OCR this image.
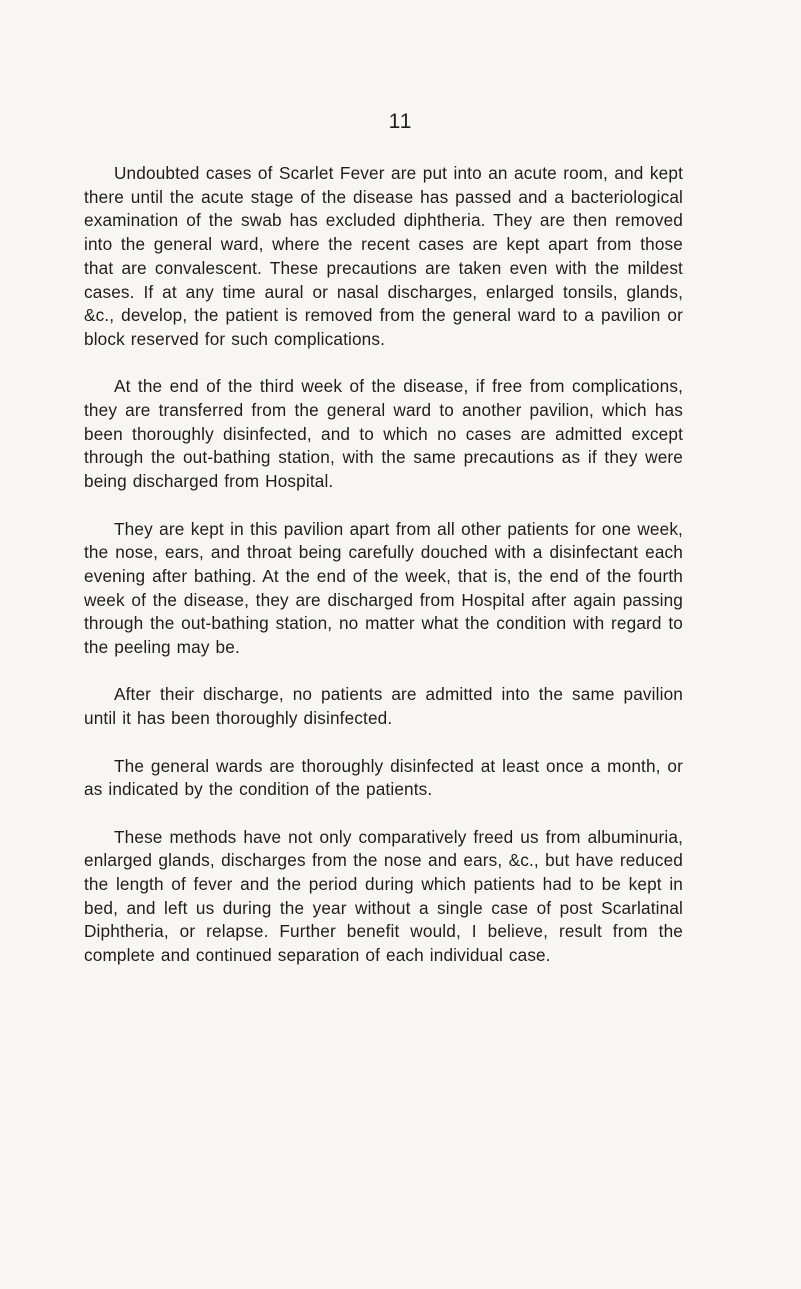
11

Undoubted cases of Scarlet Fever are put into an acute room, and kept there until the acute stage of the disease has passed and a bacteriological examination of the swab has excluded diphtheria. They are then removed into the general ward, where the recent cases are kept apart from those that are convalescent. These precautions are taken even with the mildest cases. If at any time aural or nasal discharges, enlarged tonsils, glands, &c., develop, the patient is removed from the general ward to a pavilion or block reserved for such complications.

At the end of the third week of the disease, if free from complications, they are transferred from the general ward to another pavilion, which has been thoroughly disinfected, and to which no cases are admitted except through the out-bathing station, with the same precautions as if they were being discharged from Hospital.

They are kept in this pavilion apart from all other patients for one week, the nose, ears, and throat being carefully douched with a disinfectant each evening after bathing. At the end of the week, that is, the end of the fourth week of the disease, they are discharged from Hospital after again passing through the out-bathing station, no matter what the condition with regard to the peeling may be.

After their discharge, no patients are admitted into the same pavilion until it has been thoroughly disinfected.

The general wards are thoroughly disinfected at least once a month, or as indicated by the condition of the patients.

These methods have not only comparatively freed us from albuminuria, enlarged glands, discharges from the nose and ears, &c., but have reduced the length of fever and the period during which patients had to be kept in bed, and left us during the year without a single case of post Scarlatinal Diphtheria, or relapse. Further benefit would, I believe, result from the complete and continued separation of each individual case.
